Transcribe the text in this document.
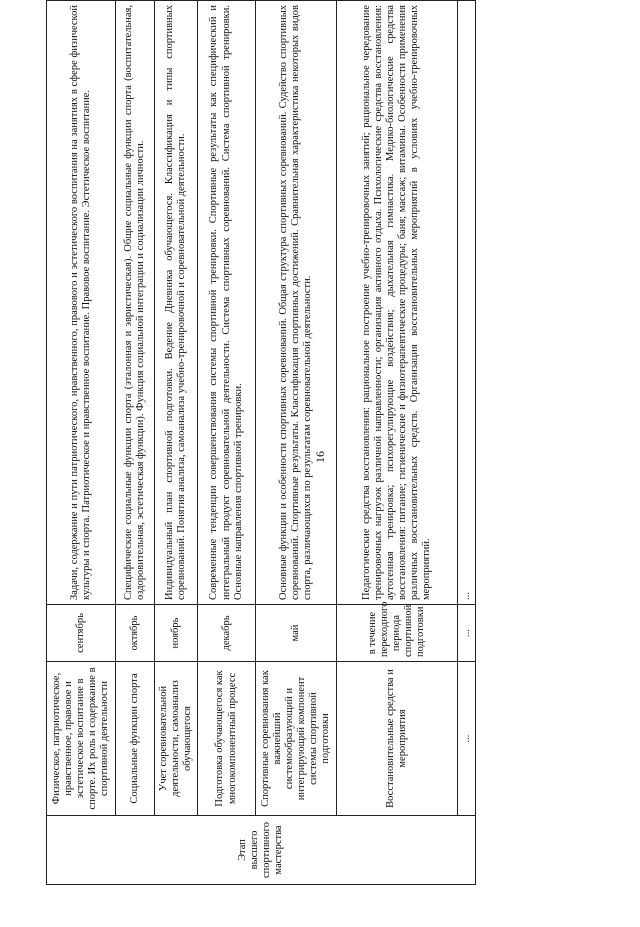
16
Этап высшего спортивного мастерства	Физическое, патриотическое, нравственное, правовое и эстетическое воспитание в спорте. Их роль и содержание в спортивной деятельности	сентябрь	Задачи, содержание и пути патриотического, нравственного, правового и эстетического воспитания на занятиях в сфере физической культуры и спорта. Патриотическое и нравственное воспитание. Правовое воспитание. Эстетическое воспитание.
	Социальные функции спорта	октябрь	Специфические социальные функции спорта (эталонная и эвристическая). Общие социальные функции спорта (воспитательная, оздоровительная, эстетическая функции). Функция социальной интеграции и социализации личности.
	Учет соревновательной деятельности, самоанализ обучающегося	ноябрь	Индивидуальный план спортивной подготовки. Ведение Дневника обучающегося. Классификация и типы спортивных соревнований. Понятия анализа, самоанализа учебно-тренировочной и соревновательной деятельности.
	Подготовка обучающегося как многокомпонентный процесс	декабрь	Современные тенденции совершенствования системы спортивной тренировки. Спортивные результаты как специфический и интегральный продукт соревновательной деятельности. Система спортивных соревнований. Система спортивной тренировки. Основные направления спортивной тренировки.
	Спортивные соревнования как важнейший системообразующий и интегрирующий компонент системы спортивной подготовки	май	Основные функции и особенности спортивных соревнований. Общая структура спортивных соревнований. Судейство спортивных соревнований. Спортивные результаты. Классификация спортивных достижений. Сравнительная характеристика некоторых видов спорта, различающихся по результатам соревновательной деятельности.
	Восстановительные средства и мероприятия	в течение переходного периода спортивной подготовки	Педагогические средства восстановления: рациональное построение учебно-тренировочных занятий; рациональное чередование тренировочных нагрузок различной направленности; организация активного отдыха. Психологические средства восстановления: аутогенная тренировка; психорегулирующие воздействия; дыхательная гимнастика. Медико-биологические средства восстановления: питание; гигиенические и физиотерапевтические процедуры; баня; массаж; витамины. Особенности применения различных восстановительных средств. Организация восстановительных мероприятий в условиях учебно-тренировочных мероприятий.
	...	...	...
